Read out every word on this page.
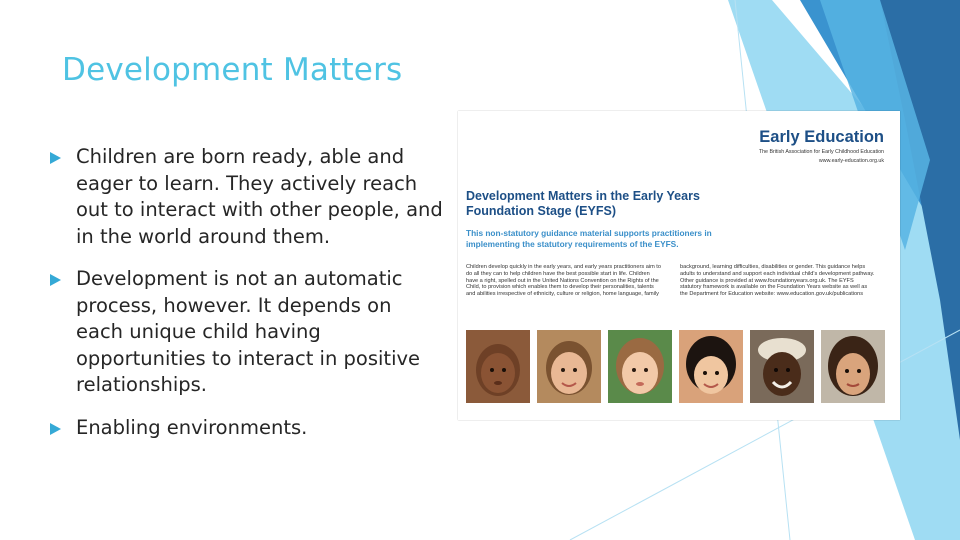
Development Matters
Children are born ready, able and eager to learn. They actively reach out to interact with other people, and in the world around them.
Development is not an automatic process, however. It depends on each unique child having opportunities to interact in positive relationships.
Enabling environments.
Early Education
The British Association for Early Childhood Education
www.early-education.org.uk
Development Matters in the Early Years Foundation Stage (EYFS)

This non-statutory guidance material supports practitioners in implementing the statutory requirements of the EYFS.

Children develop quickly in the early years, and early years practitioners aim to do all they can to help children have the best possible start in life. Children have a right, spelled out in the United Nations Convention on the Rights of the Child, to provision which enables them to develop their personalities, talents and abilities irrespective of ethnicity, culture or religion, home language, family

background, learning difficulties, disabilities or gender. This guidance helps adults to understand and support each individual child's development pathway. Other guidance is provided at www.foundationyears.org.uk. The EYFS statutory framework is available on the Foundation Years website as well as the Department for Education website: www.education.gov.uk/publications
